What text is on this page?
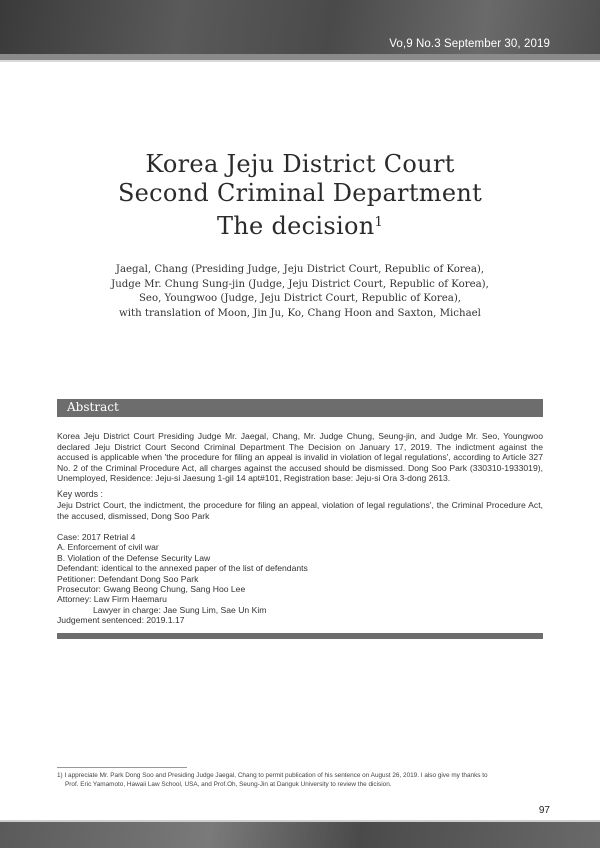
Vo,9 No.3 September 30, 2019
Korea Jeju District Court
Second Criminal Department
The decision$^1$
Jaegal, Chang (Presiding Judge, Jeju District Court, Republic of Korea),
Judge Mr. Chung Sung-jin (Judge, Jeju District Court, Republic of Korea),
Seo, Youngwoo (Judge, Jeju District Court, Republic of Korea),
with translation of Moon, Jin Ju, Ko, Chang Hoon and Saxton, Michael
Abstract
Korea Jeju District Court Presiding Judge Mr. Jaegal, Chang, Mr. Judge Chung, Seung-jin, and Judge Mr. Seo, Youngwoo declared Jeju District Court Second Criminal Department The Decision on January 17, 2019. The indictment against the accused is applicable when 'the procedure for filing an appeal is invalid in violation of legal regulations', according to Article 327 No. 2 of the Criminal Procedure Act, all charges against the accused should be dismissed. Dong Soo Park (330310-1933019), Unemployed, Residence: Jeju-si Jaesung 1-gil 14 apt#101, Registration base: Jeju-si Ora 3-dong 2613.
Key words :
Jeju Dstrict Court, the indictment, the procedure for filing an appeal, violation of legal regulations', the Criminal Procedure Act, the accused, dismissed, Dong Soo Park
Case: 2017 Retrial 4
A. Enforcement of civil war
B. Violation of the Defense Security Law
Defendant: identical to the annexed paper of the list of defendants
Petitioner: Defendant Dong Soo Park
Prosecutor: Gwang Beong Chung, Sang Hoo Lee
Attorney: Law Firm Haemaru
Lawyer in charge: Jae Sung Lim, Sae Un Kim
Judgement sentenced: 2019.1.17
1) I appreciate Mr. Park Dong Soo and Presiding Judge Jaegal, Chang to permit publication of his sentence on August 26, 2019. I also give my thanks to
Prof. Eric Yamamoto, Hawaii Law School, USA, and Prof.Oh, Seung-Jin at Danguk University to review the dicision.
97
